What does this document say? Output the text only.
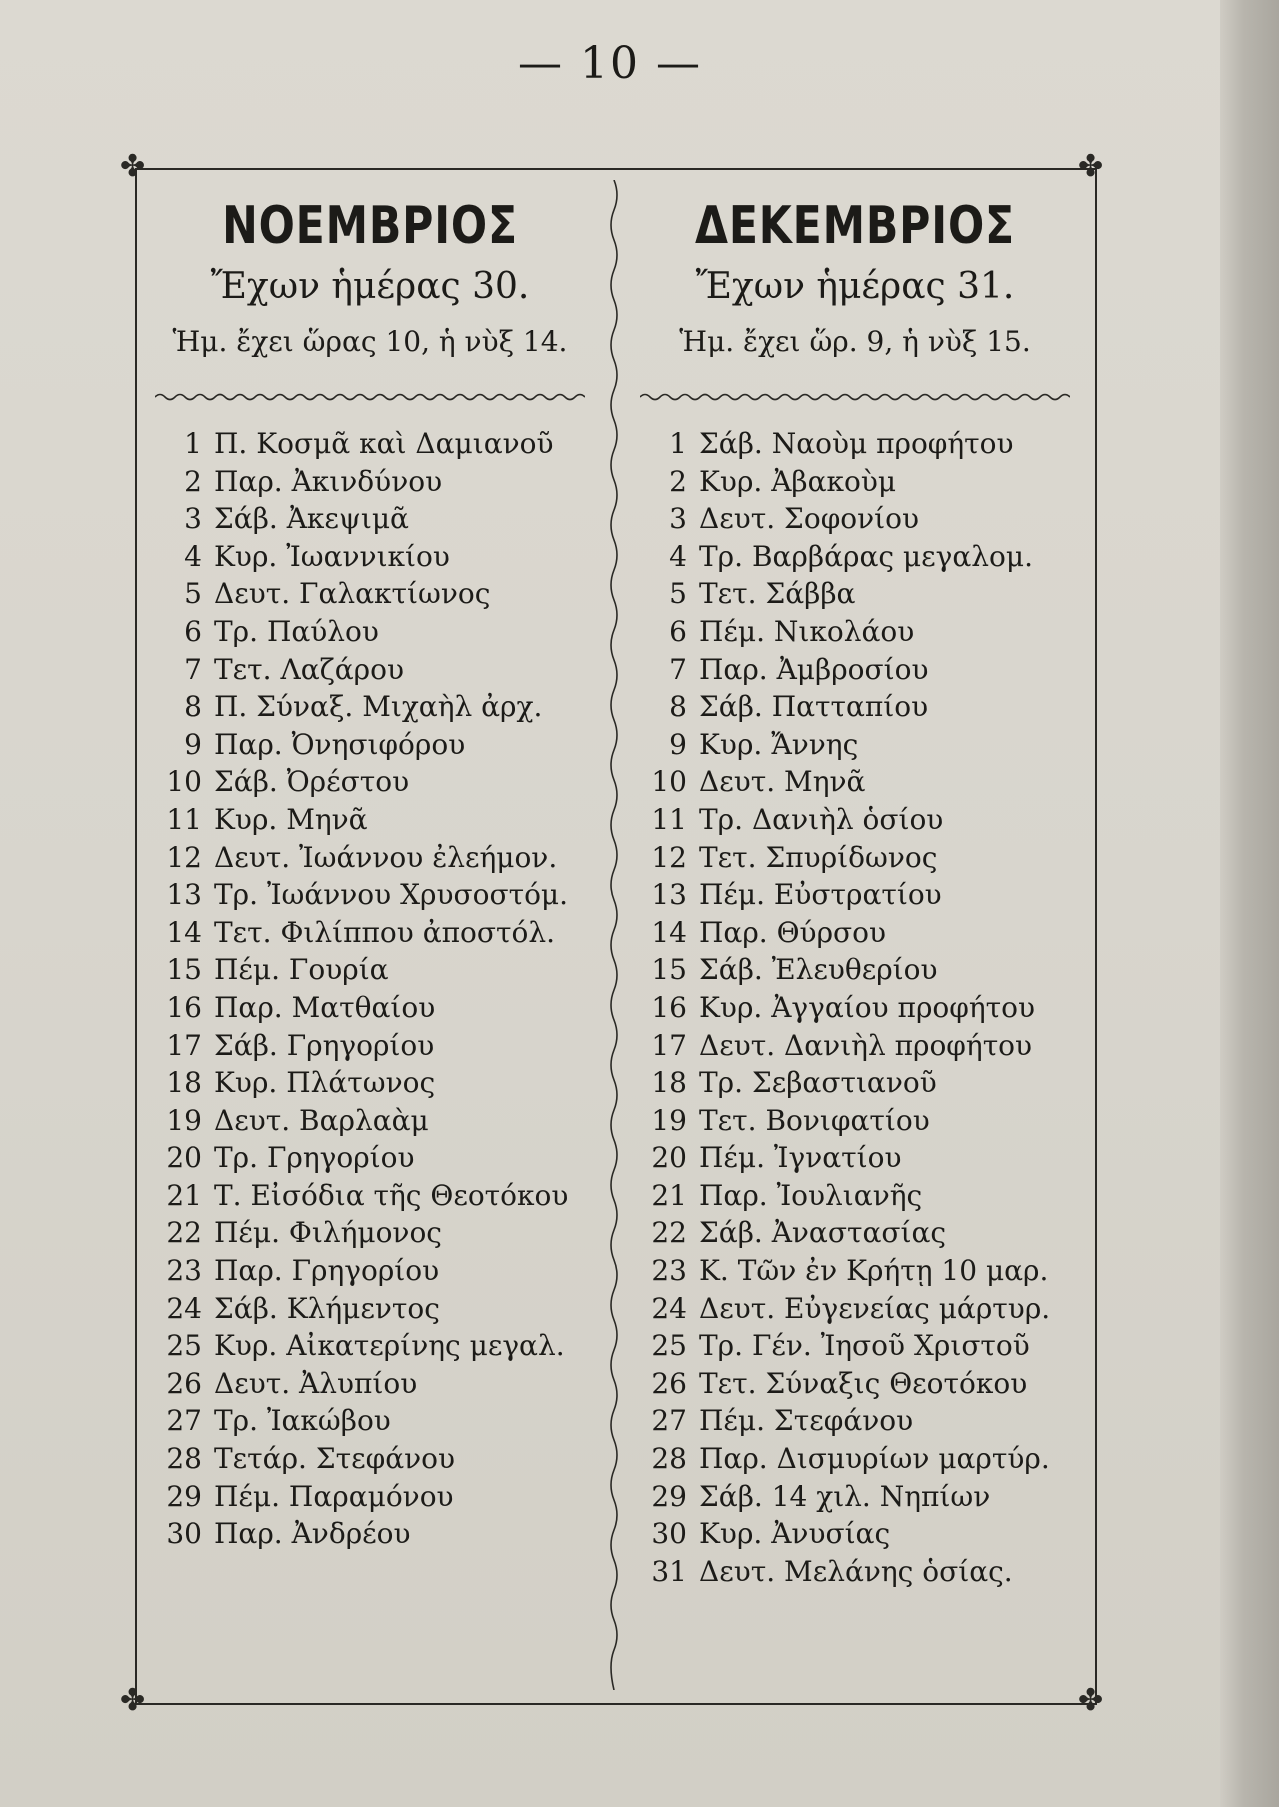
— 10 —
✤	✤
✤	✤
ΝΟΕΜΒΡΙΟΣ
Ἔχων ἡμέρας 30.
Ἡμ. ἔχει ὥρας 10, ἡ νὺξ 14.
1 Π. Κοσμᾶ καὶ Δαμιανοῦ
2 Παρ. Ἀκινδύνου
3 Σάβ. Ἀκεψιμᾶ
4 Κυρ. Ἰωαννικίου
5 Δευτ. Γαλακτίωνος
6 Τρ. Παύλου
7 Τετ. Λαζάρου
8 Π. Σύναξ. Μιχαὴλ ἀρχ.
9 Παρ. Ὀνησιφόρου
10 Σάβ. Ὀρέστου
11 Κυρ. Μηνᾶ
12 Δευτ. Ἰωάννου ἐλεήμον.
13 Τρ. Ἰωάννου Χρυσοστόμ.
14 Τετ. Φιλίππου ἀποστόλ.
15 Πέμ. Γουρία
16 Παρ. Ματθαίου
17 Σάβ. Γρηγορίου
18 Κυρ. Πλάτωνος
19 Δευτ. Βαρλαὰμ
20 Τρ. Γρηγορίου
21 Τ. Εἰσόδια τῆς Θεοτόκου
22 Πέμ. Φιλήμονος
23 Παρ. Γρηγορίου
24 Σάβ. Κλήμεντος
25 Κυρ. Αἰκατερίνης μεγαλ.
26 Δευτ. Ἀλυπίου
27 Τρ. Ἰακώβου
28 Τετάρ. Στεφάνου
29 Πέμ. Παραμόνου
30 Παρ. Ἀνδρέου
ΔΕΚΕΜΒΡΙΟΣ
Ἔχων ἡμέρας 31.
Ἡμ. ἔχει ὥρ. 9, ἡ νὺξ 15.
1 Σάβ. Ναοὺμ προφήτου
2 Κυρ. Ἀβακοὺμ
3 Δευτ. Σοφονίου
4 Τρ. Βαρβάρας μεγαλομ.
5 Τετ. Σάββα
6 Πέμ. Νικολάου
7 Παρ. Ἀμβροσίου
8 Σάβ. Πατταπίου
9 Κυρ. Ἄννης
10 Δευτ. Μηνᾶ
11 Τρ. Δανιὴλ ὁσίου
12 Τετ. Σπυρίδωνος
13 Πέμ. Εὐστρατίου
14 Παρ. Θύρσου
15 Σάβ. Ἐλευθερίου
16 Κυρ. Ἀγγαίου προφήτου
17 Δευτ. Δανιὴλ προφήτου
18 Τρ. Σεβαστιανοῦ
19 Τετ. Βονιφατίου
20 Πέμ. Ἰγνατίου
21 Παρ. Ἰουλιανῆς
22 Σάβ. Ἀναστασίας
23 Κ. Τῶν ἐν Κρήτῃ 10 μαρ.
24 Δευτ. Εὐγενείας μάρτυρ.
25 Τρ. Γέν. Ἰησοῦ Χριστοῦ
26 Τετ. Σύναξις Θεοτόκου
27 Πέμ. Στεφάνου
28 Παρ. Δισμυρίων μαρτύρ.
29 Σάβ. 14 χιλ. Νηπίων
30 Κυρ. Ἀνυσίας
31 Δευτ. Μελάνης ὁσίας.
